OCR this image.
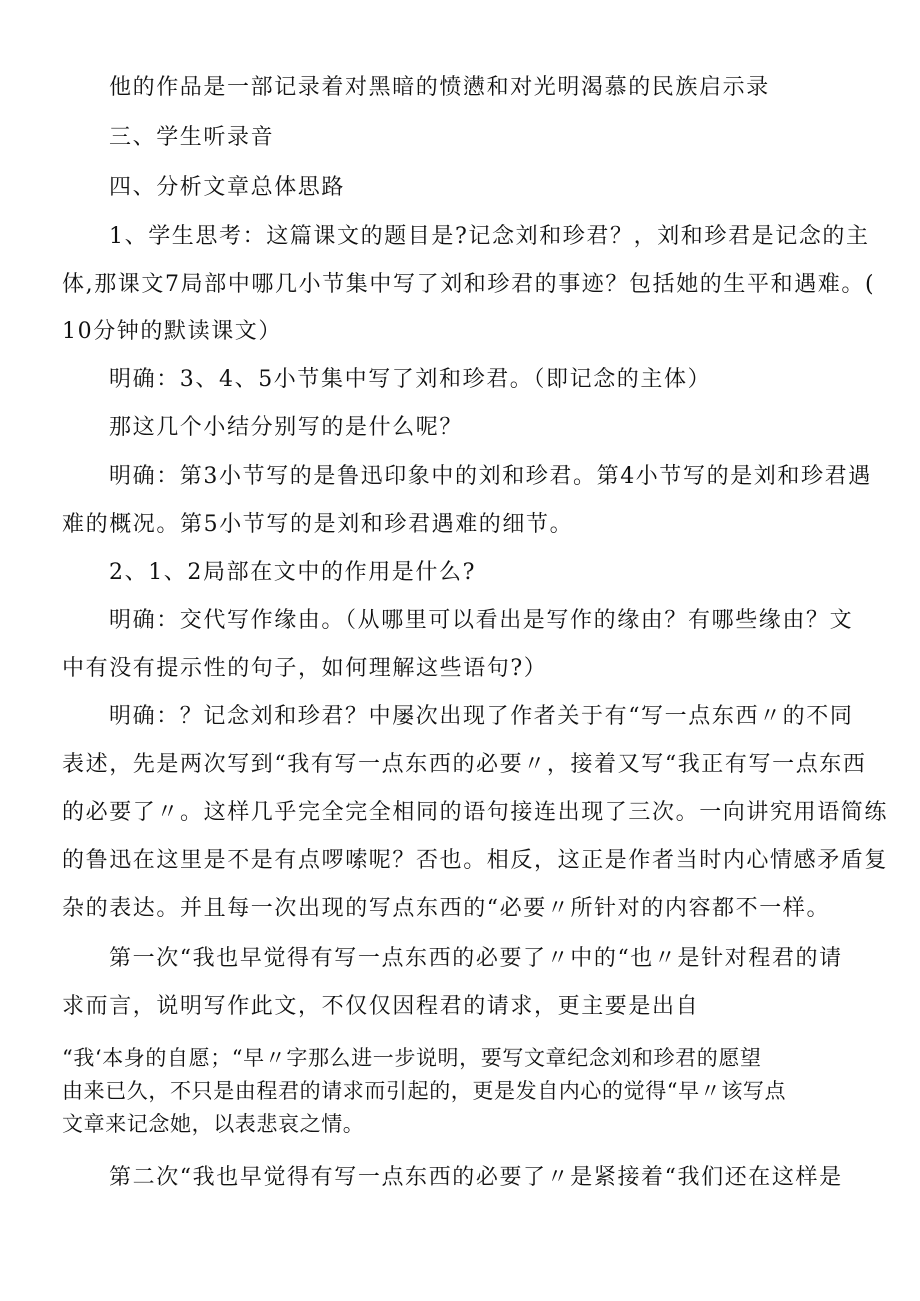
他的作品是一部记录着对黑暗的愤懑和对光明渴慕的民族启示录

三、学生听录音

四、分析文章总体思路

1、学生思考：这篇课文的题目是?记念刘和珍君？，刘和珍君是记念的主

体,那课文7局部中哪几小节集中写了刘和珍君的事迹？包括她的生平和遇难。(

10分钟的默读课文）

明确：3、4、5小节集中写了刘和珍君。（即记念的主体）

那这几个小结分别写的是什么呢？

明确：第3小节写的是鲁迅印象中的刘和珍君。第4小节写的是刘和珍君遇

难的概况。第5小节写的是刘和珍君遇难的细节。

2、1、2局部在文中的作用是什么?

明确：交代写作缘由。（从哪里可以看出是写作的缘由？有哪些缘由？文

中有没有提示性的句子，如何理解这些语句?）

明确：？记念刘和珍君？中屡次出现了作者关于有“写一点东西〃的不同

表述，先是两次写到“我有写一点东西的必要〃，接着又写“我正有写一点东西

的必要了〃。这样几乎完全完全相同的语句接连出现了三次。一向讲究用语简练

的鲁迅在这里是不是有点啰嗦呢？否也。相反，这正是作者当时内心情感矛盾复

杂的表达。并且每一次出现的写点东西的“必要〃所针对的内容都不一样。

第一次“我也早觉得有写一点东西的必要了〃中的“也〃是针对程君的请

求而言，说明写作此文，不仅仅因程君的请求，更主要是出自

“我‘本身的自愿；“早〃字那么进一步说明，要写文章纪念刘和珍君的愿望

由来已久，不只是由程君的请求而引起的，更是发自内心的觉得“早〃该写点

文章来记念她，以表悲哀之情。

第二次“我也早觉得有写一点东西的必要了〃是紧接着“我们还在这样是
